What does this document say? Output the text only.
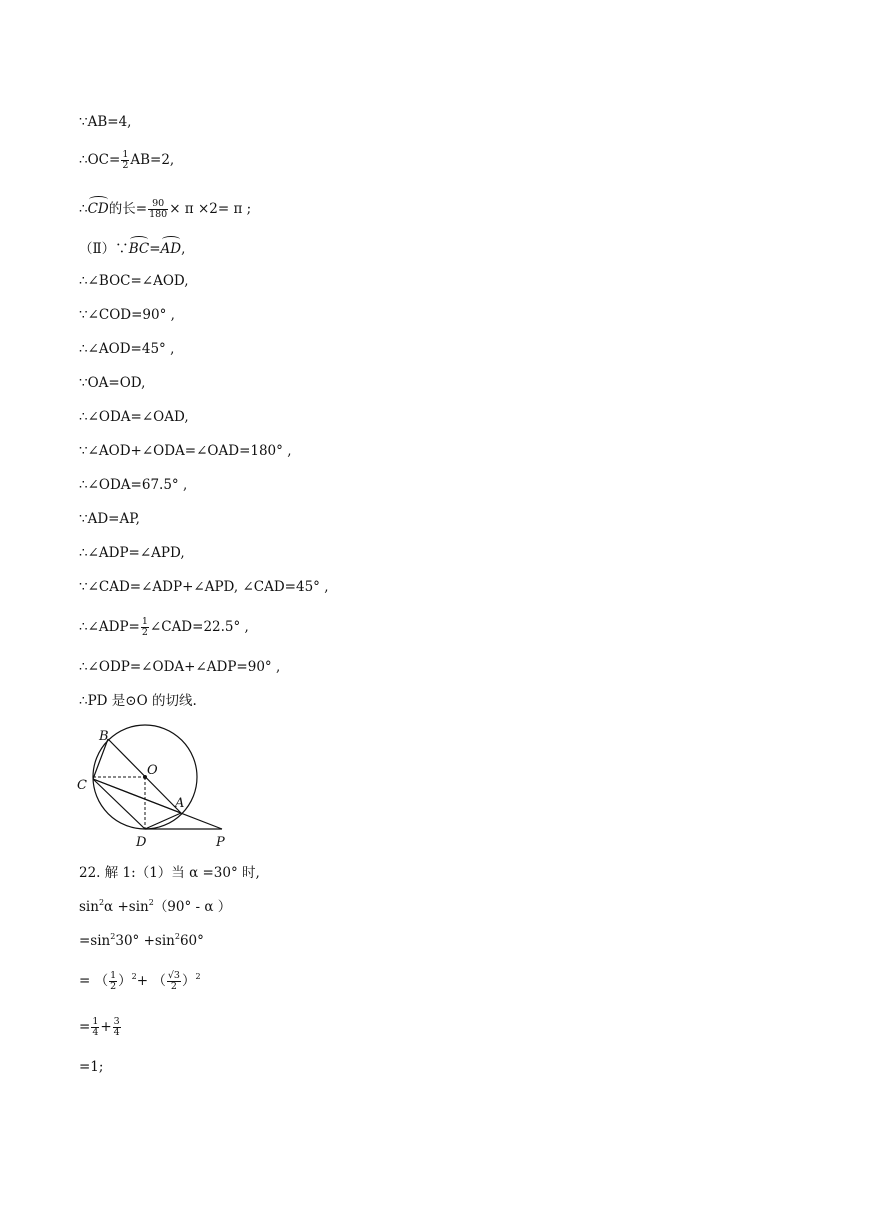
∵AB=4,
∴OC= $\frac{1}{2} AB=2$,
∴CD的长= $\frac{90}{180} \times \pi \times 2= \pi$ ;
（Ⅱ）∵BC=AD,
∴∠BOC=∠AOD,
∵∠COD=90° ,
∴∠AOD=45° ,
∵OA=OD,
∴∠ODA=∠OAD,
∵∠AOD+∠ODA=∠OAD=180° ,
∴∠ODA=67.5° ,
∵AD=AP,
∴∠ADP=∠APD,
∵∠CAD=∠ADP+∠APD, ∠CAD=45° ,
∴∠ADP= $\frac{1}{2}$ ∠CAD=22.5° ,
∴∠ODP=∠ODA+∠ADP=90° ,
∴PD 是⊙O 的切线.
B
O
C
A
D	P
22. 解 1:（1）当 α =30° 时,
$\sin^2\alpha +\sin^2(90^\circ - \alpha$ ）
$=\sin^230^\circ +\sin^260^\circ$
= （ $\frac{1}{2} )^2+$ （ $\frac{√3}{2} )^2$
= $\frac{1}{4} + \frac{3}{4}$
=1;
